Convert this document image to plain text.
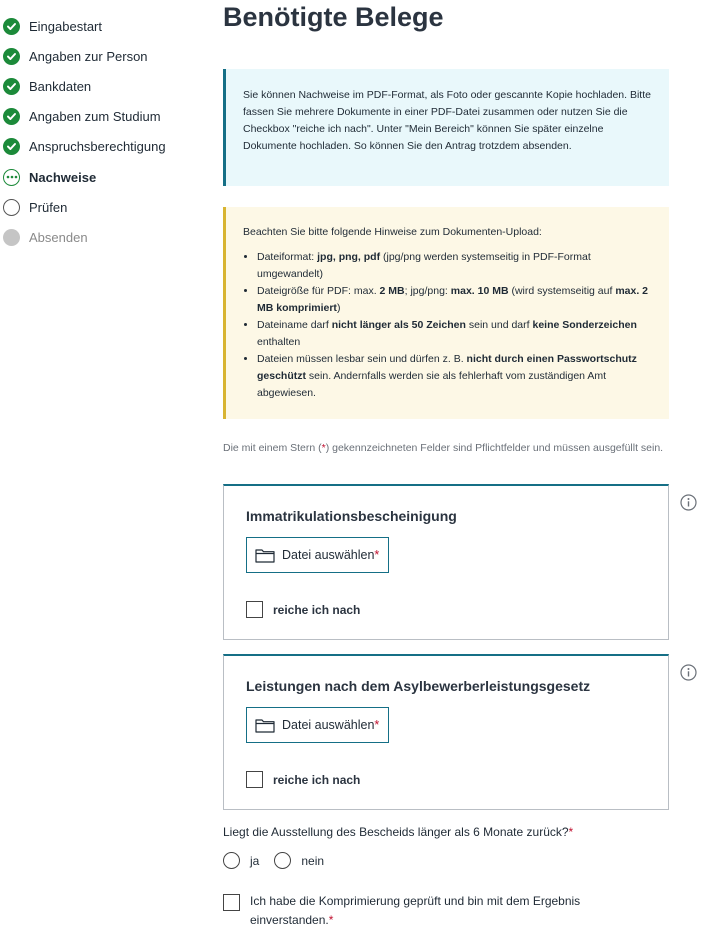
Eingabestart
Angaben zur Person
Bankdaten
Angaben zum Studium
Anspruchsberechtigung
Nachweise
Prüfen
Absenden
Benötigte Belege
Sie können Nachweise im PDF-Format, als Foto oder gescannte Kopie hochladen. Bitte fassen Sie mehrere Dokumente in einer PDF-Datei zusammen oder nutzen Sie die Checkbox "reiche ich nach". Unter "Mein Bereich" können Sie später einzelne Dokumente hochladen. So können Sie den Antrag trotzdem absenden.
Beachten Sie bitte folgende Hinweise zum Dokumenten-Upload:
• Dateiformat: jpg, png, pdf (jpg/png werden systemseitig in PDF-Format umgewandelt)
• Dateigröße für PDF: max. 2 MB; jpg/png: max. 10 MB (wird systemseitig auf max. 2 MB komprimiert)
• Dateiname darf nicht länger als 50 Zeichen sein und darf keine Sonderzeichen enthalten
• Dateien müssen lesbar sein und dürfen z. B. nicht durch einen Passwortschutz geschützt sein. Andernfalls werden sie als fehlerhaft vom zuständigen Amt abgewiesen.
Die mit einem Stern (*) gekennzeichneten Felder sind Pflichtfelder und müssen ausgefüllt sein.
Immatrikulationsbescheinigung
Datei auswählen *
reiche ich nach
Leistungen nach dem Asylbewerberleistungsgesetz
Datei auswählen *
reiche ich nach
Liegt die Ausstellung des Bescheids länger als 6 Monate zurück?*
ja	nein
Ich habe die Komprimierung geprüft und bin mit dem Ergebnis einverstanden.*
